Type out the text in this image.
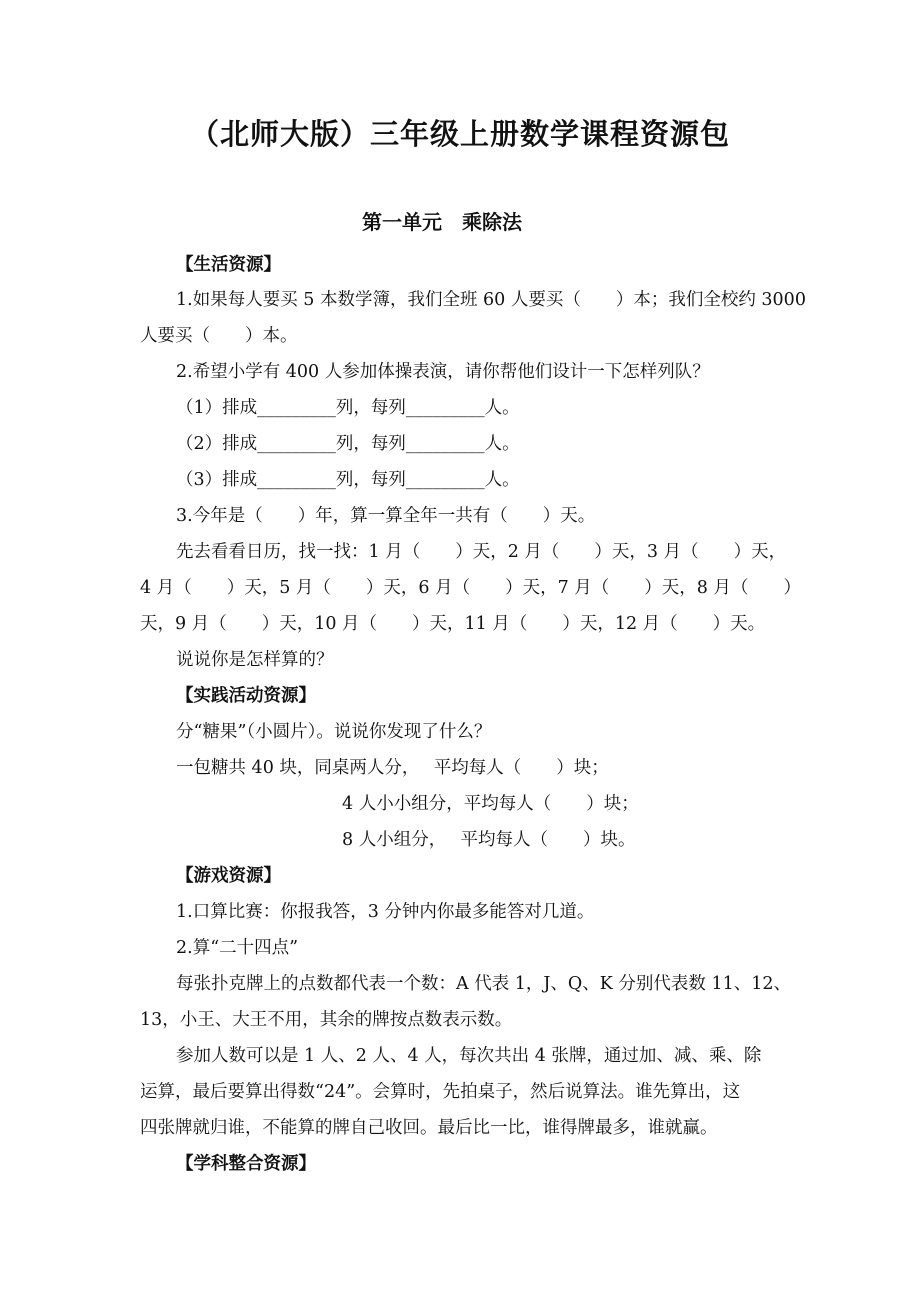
（北师大版）三年级上册数学课程资源包
第一单元　乘除法
【生活资源】
1.如果每人要买 5 本数学簿，我们全班 60 人要买（　　）本；我们全校约 3000
人要买（　　）本。
2.希望小学有 400 人参加体操表演，请你帮他们设计一下怎样列队？
（1）排成_________列，每列_________人。
（2）排成_________列，每列_________人。
（3）排成_________列，每列_________人。
3.今年是（　　）年，算一算全年一共有（　　）天。
先去看看日历，找一找：1 月（　　）天，2 月（　　）天，3 月（　　）天，
4 月（　　）天，5 月（　　）天，6 月（　　）天，7 月（　　）天，8 月（　　）
天，9 月（　　）天，10 月（　　）天，11 月（　　）天，12 月（　　）天。
说说你是怎样算的？
【实践活动资源】
分“糖果”（小圆片）。说说你发现了什么？
一包糖共 40 块，同桌两人分，　 平均每人（　　）块；
4 人小小组分，平均每人（　　）块；
8 人小组分，　 平均每人（　　）块。
【游戏资源】
1.口算比赛：你报我答，3 分钟内你最多能答对几道。
2.算“二十四点”
每张扑克牌上的点数都代表一个数：A 代表 1，J、Q、K 分别代表数 11、12、
13，小王、大王不用，其余的牌按点数表示数。
参加人数可以是 1 人、2 人、4 人，每次共出 4 张牌，通过加、减、乘、除
运算，最后要算出得数“24”。会算时，先拍桌子，然后说算法。谁先算出，这
四张牌就归谁，不能算的牌自己收回。最后比一比，谁得牌最多，谁就赢。
【学科整合资源】
